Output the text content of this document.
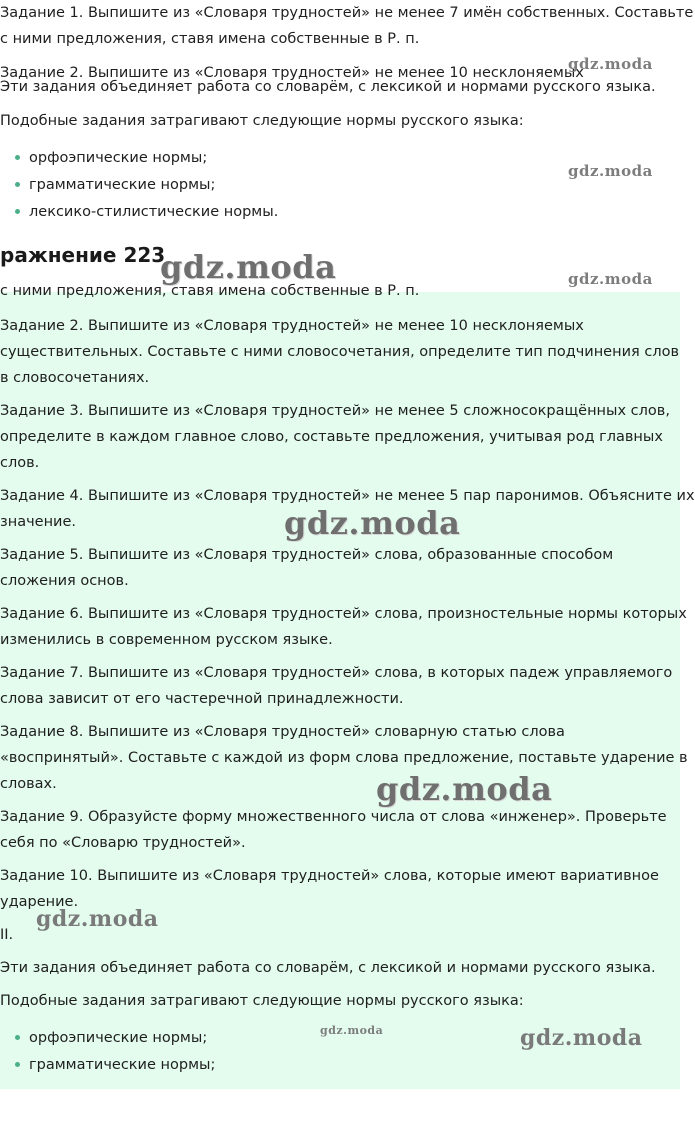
Задание 1. Выпишите из «Словаря трудностей» не менее 7 имён собственных. Составьте

с ними предложения, ставя имена собственные в Р. п.

Задание 2. Выпишите из «Словаря трудностей» не менее 10 несклоняемых

Эти задания объединяет работа со словарём, с лексикой и нормами русского языка.

Подобные задания затрагивают следующие нормы русского языка:

орфоэпические нормы;
грамматические нормы;
лексико-стилистические нормы.
ражнение 223
gdz.moda
gdz.moda
gdz.moda	gdz.moda

с ними предложения, ставя имена собственные в Р. п.

Задание 2. Выпишите из «Словаря трудностей» не менее 10 несклоняемых

существительных. Составьте с ними словосочетания, определите тип подчинения слов

в словосочетаниях.

Задание 3. Выпишите из «Словаря трудностей» не менее 5 сложносокращённых слов,

определите в каждом главное слово, составьте предложения, учитывая род главных

слов.

Задание 4. Выпишите из «Словаря трудностей» не менее 5 пар паронимов. Объясните их

значение.

Задание 5. Выпишите из «Словаря трудностей» слова, образованные способом

сложения основ.

Задание 6. Выпишите из «Словаря трудностей» слова, произностельные нормы которых

изменились в современном русском языке.

Задание 7. Выпишите из «Словаря трудностей» слова, в которых падеж управляемого

слова зависит от его частеречной принадлежности.

Задание 8. Выпишите из «Словаря трудностей» словарную статью слова

«воспринятый». Составьте с каждой из форм слова предложение, поставьте ударение в

словах.

Задание 9. Образуйсте форму множественного числа от слова «инженер». Проверьте

себя по «Словарю трудностей».

Задание 10. Выпишите из «Словаря трудностей» слова, которые имеют вариативное

ударение.

II.

Эти задания объединяет работа со словарём, с лексикой и нормами русского языка.

Подобные задания затрагивают следующие нормы русского языка:

орфоэпические нормы;
грамматические нормы;
gdz.moda
gdz.moda
gdz.moda
gdz.moda	gdz.moda
